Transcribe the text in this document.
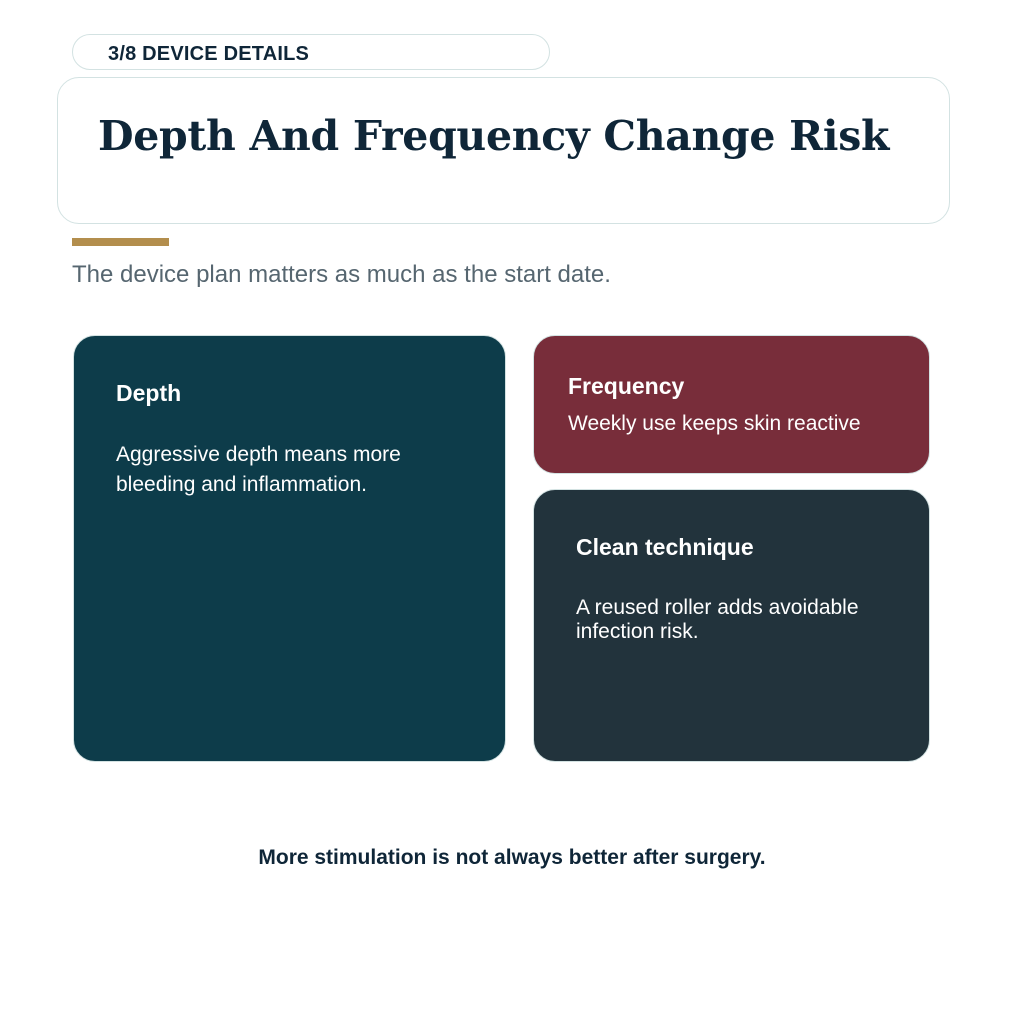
3/8 DEVICE DETAILS
Depth And Frequency Change Risk
The device plan matters as much as the start date.
Depth
Aggressive depth means more bleeding and inflammation.
Frequency
Weekly use keeps skin reactive
Clean technique
A reused roller adds avoidable infection risk.
More stimulation is not always better after surgery.
